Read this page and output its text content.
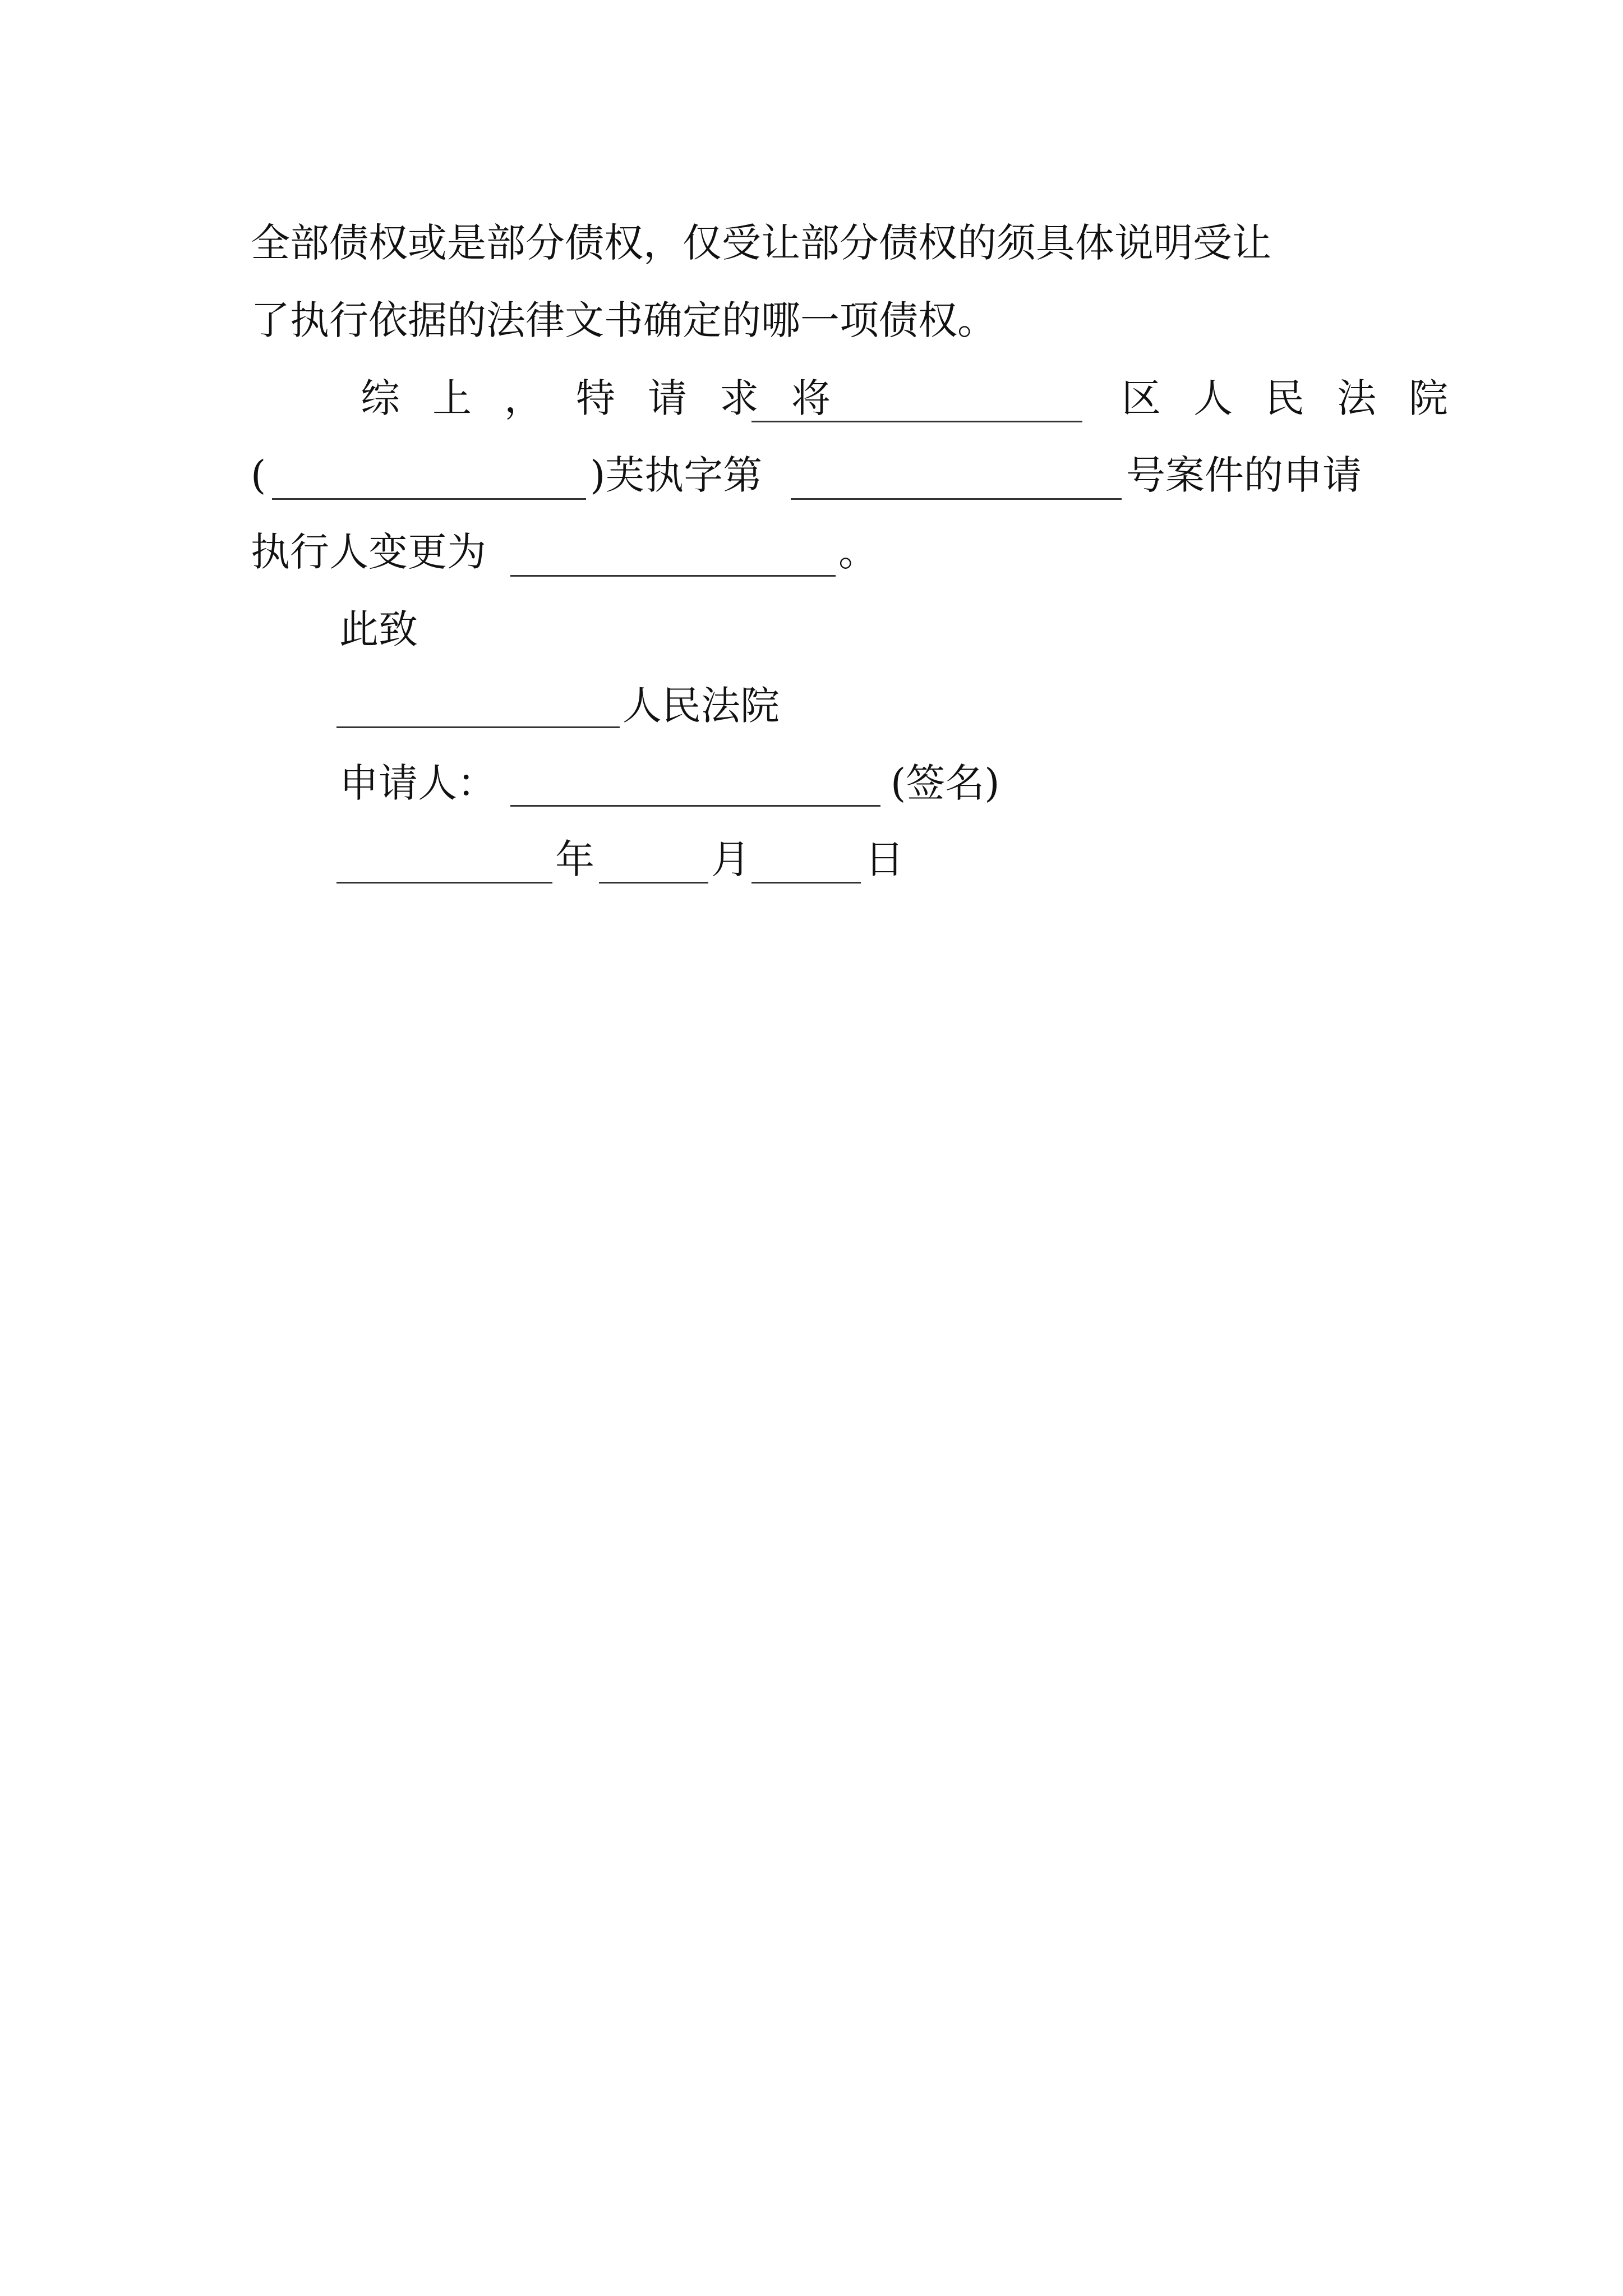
全部债权或是部分债权，仅受让部分债权的须具体说明受让
了执行依据的法律文书确定的哪一项债权。
综上，特请求将	区人民法院
(	)芙执字第	号案件的申请
执行人变更为	。
此致
人民法院
申请人：	(签名)
年	月	日
